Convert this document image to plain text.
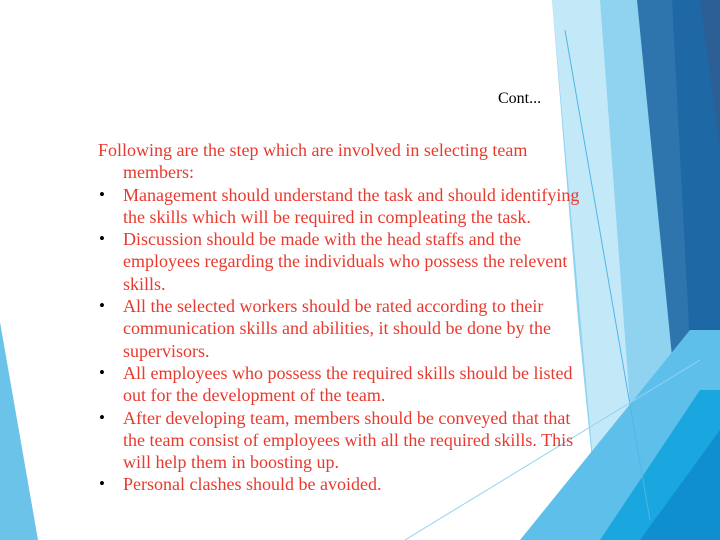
Cont...

Following are the step which are involved in selecting team members:

• Management should understand the task and should identifying the skills which will be required in compleating the task.
• Discussion should be made with the head staffs and the employees regarding the individuals who possess the relevent skills.
• All the selected workers should be rated according to their communication skills and abilities, it should be done by the supervisors.
• All employees who possess the required skills should be listed out for the development of the team.
• After developing team, members should be conveyed that that the team consist of employees with all the required skills. This will help them in boosting up.
• Personal clashes should be avoided.
